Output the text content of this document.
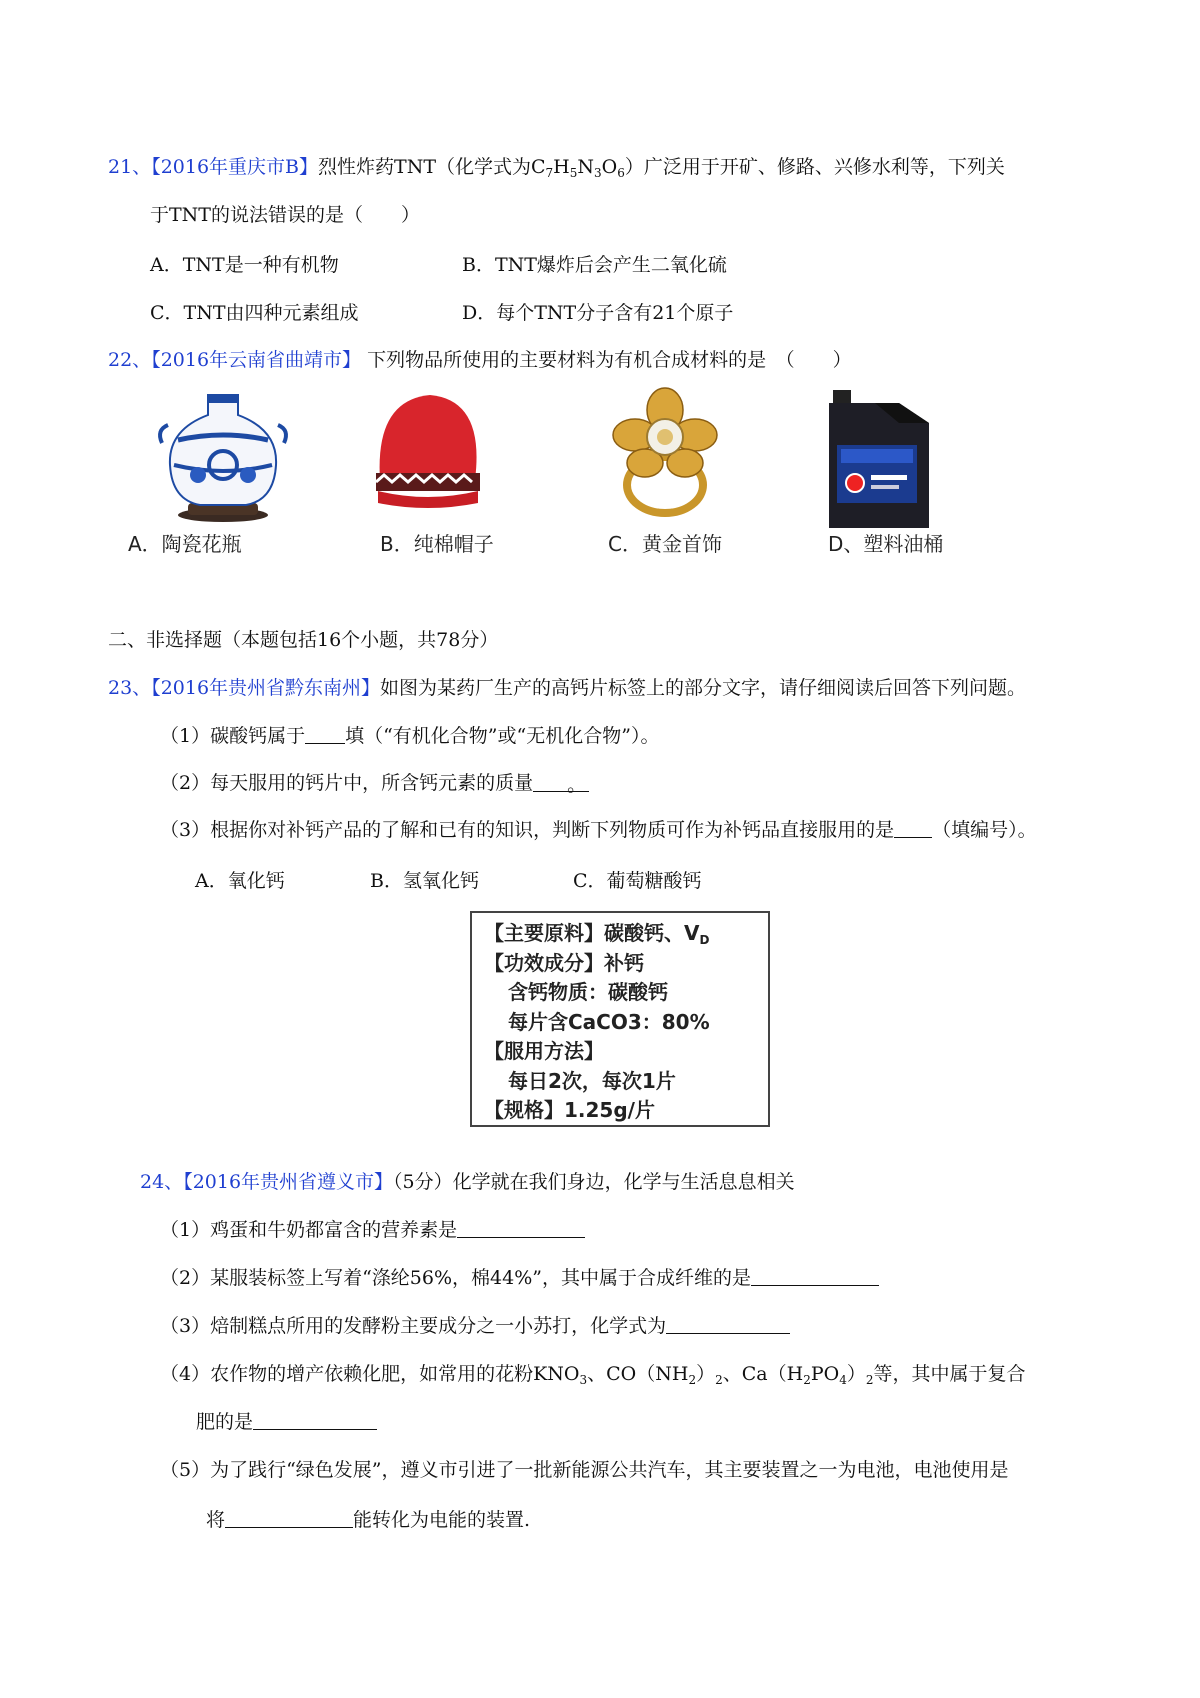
21、【2016年重庆市B】烈性炸药TNT（化学式为$C_7H_5N_3O_6$）广泛用于开矿、修路、兴修水利等，下列关
于TNT的说法错误的是（　　）
A．TNT是一种有机物	B．TNT爆炸后会产生二氧化硫
C．TNT由四种元素组成	D．每个TNT分子含有21个原子
22、【2016年云南省曲靖市】 下列物品所使用的主要材料为有机合成材料的是　（　　）
A．陶瓷花瓶	B．纯棉帽子	C．黄金首饰	D、塑料油桶
二、非选择题（本题包括16个小题，共78分）
23、【2016年贵州省黔东南州】如图为某药厂生产的高钙片标签上的部分文字，请仔细阅读后回答下列问题。
（1）碳酸钙属于 填（“有机化合物”或“无机化合物”）。
（2）每天服用的钙片中，所含钙元素的质量 。
（3）根据你对补钙产品的了解和已有的知识，判断下列物质可作为补钙品直接服用的是 （填编号）。
A．氧化钙	B．氢氧化钙	C．葡萄糖酸钙
【主要原料】碳酸钙、$V_D$
【功效成分】补钙
含钙物质：碳酸钙
每片含CaCO3：80%
【服用方法】
每日2次，每次1片
【规格】1.25g/片
24、【2016年贵州省遵义市】（5分）化学就在我们身边，化学与生活息息相关
（1）鸡蛋和牛奶都富含的营养素是
（2）某服装标签上写着“涤纶56%，棉44%”，其中属于合成纤维的是
（3）焙制糕点所用的发酵粉主要成分之一小苏打，化学式为
（4）农作物的增产依赖化肥，如常用的花粉$KNO_3$、$CO(NH_2)_2$、$Ca(H_2PO_4)_2$等，其中属于复合
肥的是
（5）为了践行“绿色发展”，遵义市引进了一批新能源公共汽车，其主要装置之一为电池，电池使用是
将	能转化为电能的装置.
